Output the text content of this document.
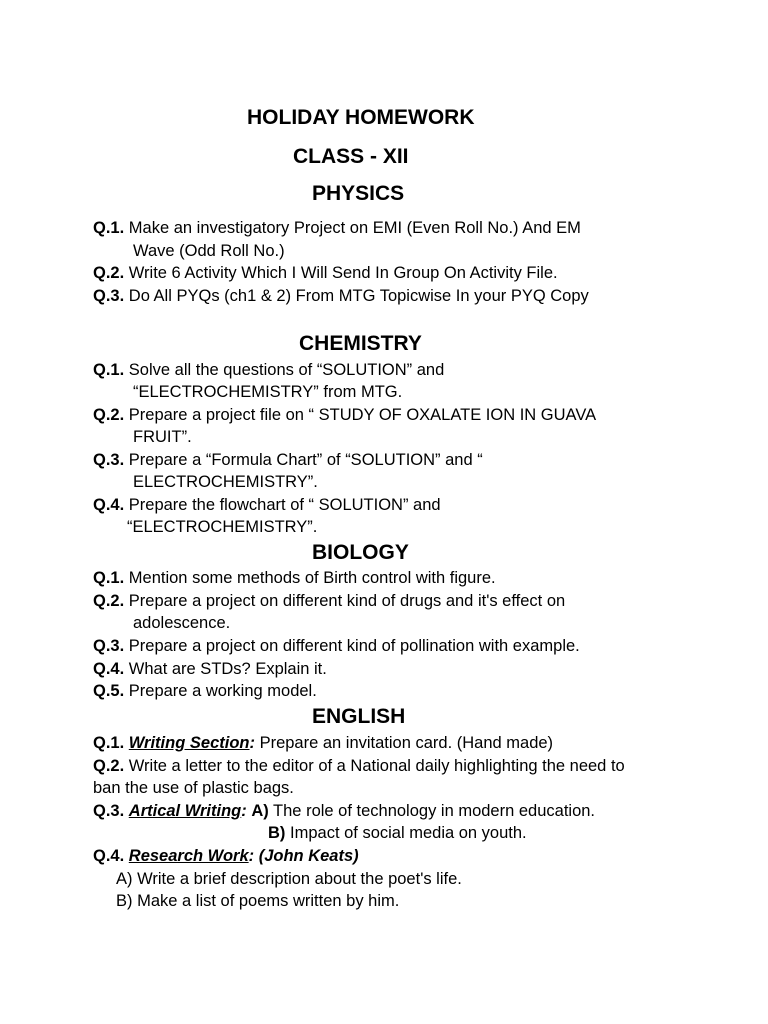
HOLIDAY HOMEWORK
CLASS - XII
PHYSICS
Q.1. Make an investigatory Project on EMI (Even Roll No.) And EM
Wave (Odd Roll No.)
Q.2. Write 6 Activity Which I Will Send In Group On Activity File.
Q.3. Do All PYQs (ch1 & 2) From MTG Topicwise In your PYQ Copy
CHEMISTRY
Q.1. Solve all the questions of “SOLUTION” and
“ELECTROCHEMISTRY” from MTG.
Q.2. Prepare a project file on “ STUDY OF OXALATE ION IN GUAVA
FRUIT”.
Q.3. Prepare a “Formula Chart” of “SOLUTION” and “
ELECTROCHEMISTRY”.
Q.4. Prepare the flowchart of “ SOLUTION” and
“ELECTROCHEMISTRY”.
BIOLOGY
Q.1. Mention some methods of Birth control with figure.
Q.2. Prepare a project on different kind of drugs and it's effect on
adolescence.
Q.3. Prepare a project on different kind of pollination with example.
Q.4. What are STDs? Explain it.
Q.5. Prepare a working model.
ENGLISH
Q.1. Writing Section: Prepare an invitation card. (Hand made)
Q.2. Write a letter to the editor of a National daily highlighting the need to
ban the use of plastic bags.
Q.3. Artical Writing: A) The role of technology in modern education.
B) Impact of social media on youth.
Q.4. Research Work: (John Keats)
A) Write a brief description about the poet's life.
B) Make a list of poems written by him.
